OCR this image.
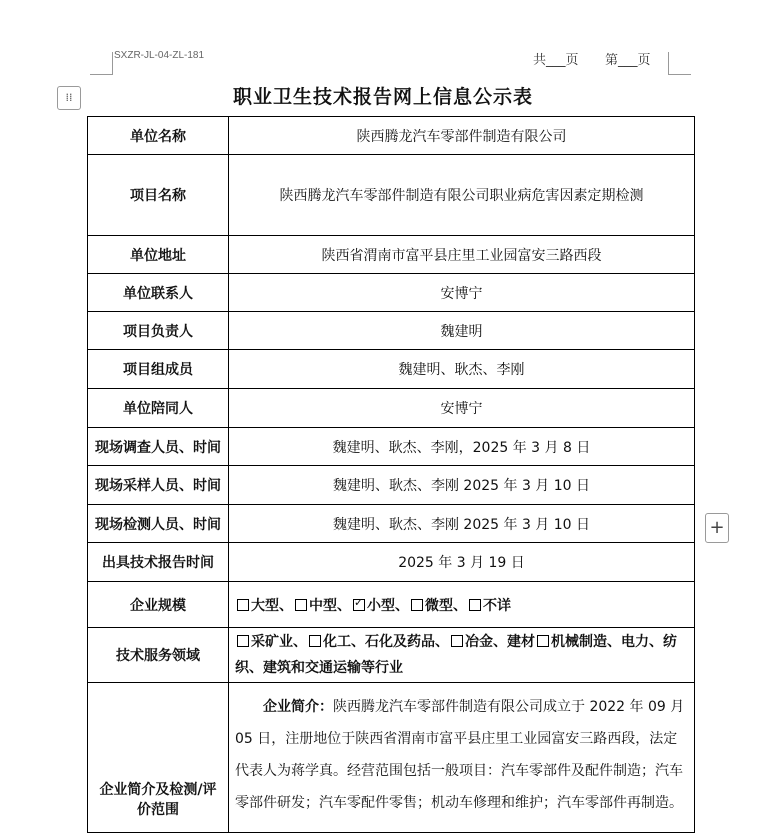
SXZR-JL-04-ZL-181	共___页 第___页
职业卫生技术报告网上信息公示表
⁞⁞
+
单位名称	陕西腾龙汽车零部件制造有限公司
项目名称	陕西腾龙汽车零部件制造有限公司职业病危害因素定期检测
单位地址	陕西省渭南市富平县庄里工业园富安三路西段
单位联系人	安博宁
项目负责人	魏建明
项目组成员	魏建明、耿杰、李刚
单位陪同人	安博宁
现场调查人员、时间	魏建明、耿杰、李刚，2025 年 3 月 8 日
现场采样人员、时间	魏建明、耿杰、李刚 2025 年 3 月 10 日
现场检测人员、时间	魏建明、耿杰、李刚 2025 年 3 月 10 日
出具技术报告时间	2025 年 3 月 19 日
企业规模	大型、 中型、 ✓ 小型、 微型、 不详
技术服务领域	采矿业、 化工、石化及药品、 冶金、建材 机械制造、电力、纺织、建筑和交通运输等行业
企业简介及检测/评价范围	企业简介：陕西腾龙汽车零部件制造有限公司成立于 2022 年 09 月 05 日，注册地位于陕西省渭南市富平县庄里工业园富安三路西段，法定代表人为蒋学真。经营范围包括一般项目：汽车零部件及配件制造；汽车零部件研发；汽车零配件零售；机动车修理和维护；汽车零部件再制造。
